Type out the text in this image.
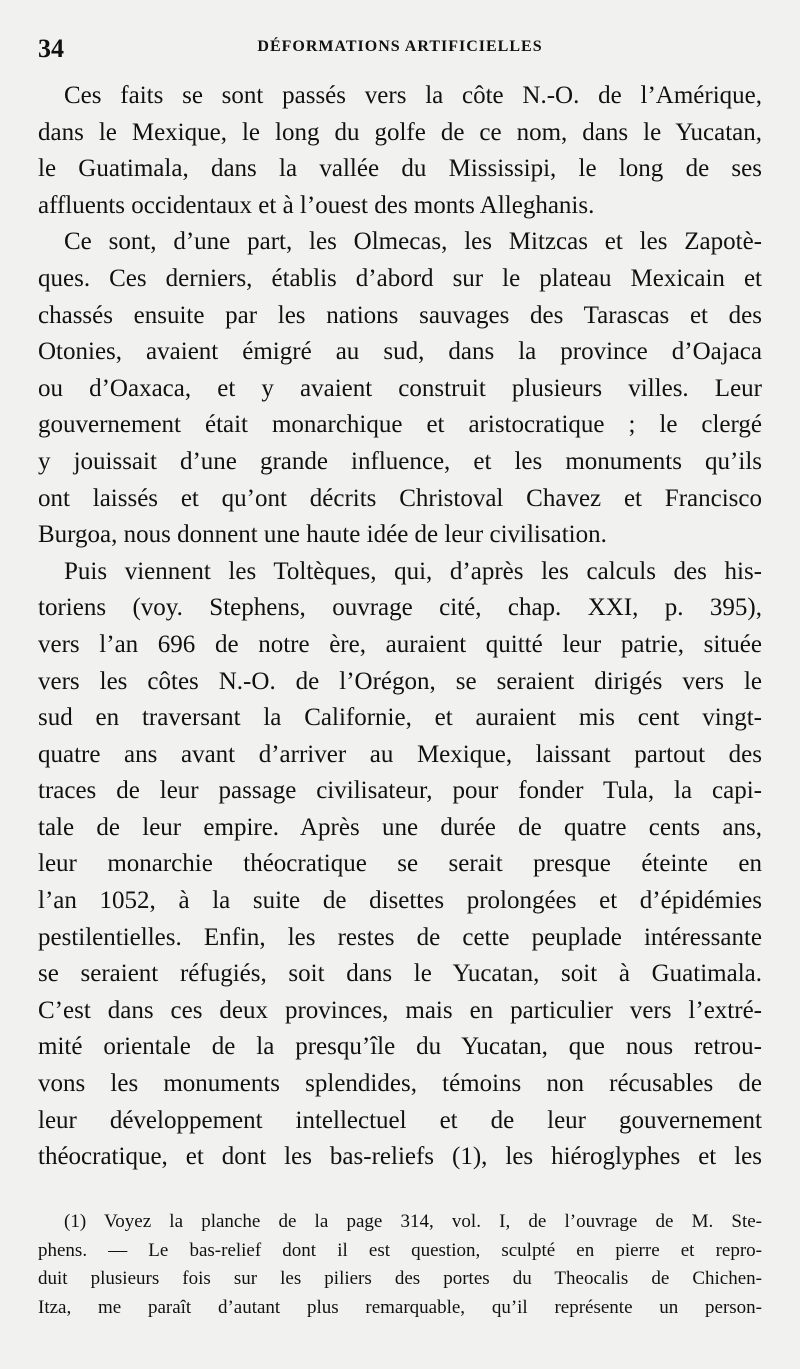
34	DÉFORMATIONS ARTIFICIELLES
Ces faits se sont passés vers la côte N.-O. de l’Amérique,
dans le Mexique, le long du golfe de ce nom, dans le Yucatan,
le Guatimala, dans la vallée du Mississipi, le long de ses
affluents occidentaux et à l’ouest des monts Alleghanis.
Ce sont, d’une part, les Olmecas, les Mitzcas et les Zapotè-
ques. Ces derniers, établis d’abord sur le plateau Mexicain et
chassés ensuite par les nations sauvages des Tarascas et des
Otonies, avaient émigré au sud, dans la province d’Oajaca
ou d’Oaxaca, et y avaient construit plusieurs villes. Leur
gouvernement était monarchique et aristocratique ; le clergé
y jouissait d’une grande influence, et les monuments qu’ils
ont laissés et qu’ont décrits Christoval Chavez et Francisco
Burgoa, nous donnent une haute idée de leur civilisation.
Puis viennent les Toltèques, qui, d’après les calculs des his-
toriens (voy. Stephens, ouvrage cité, chap. XXI, p. 395),
vers l’an 696 de notre ère, auraient quitté leur patrie, située
vers les côtes N.-O. de l’Orégon, se seraient dirigés vers le
sud en traversant la Californie, et auraient mis cent vingt-
quatre ans avant d’arriver au Mexique, laissant partout des
traces de leur passage civilisateur, pour fonder Tula, la capi-
tale de leur empire. Après une durée de quatre cents ans,
leur monarchie théocratique se serait presque éteinte en
l’an 1052, à la suite de disettes prolongées et d’épidémies
pestilentielles. Enfin, les restes de cette peuplade intéressante
se seraient réfugiés, soit dans le Yucatan, soit à Guatimala.
C’est dans ces deux provinces, mais en particulier vers l’extré-
mité orientale de la presqu’île du Yucatan, que nous retrou-
vons les monuments splendides, témoins non récusables de
leur développement intellectuel et de leur gouvernement
théocratique, et dont les bas-reliefs (1), les hiéroglyphes et les
(1) Voyez la planche de la page 314, vol. I, de l’ouvrage de M. Ste-
phens. — Le bas-relief dont il est question, sculpté en pierre et repro-
duit plusieurs fois sur les piliers des portes du Theocalis de Chichen-
Itza, me paraît d’autant plus remarquable, qu’il représente un person-
